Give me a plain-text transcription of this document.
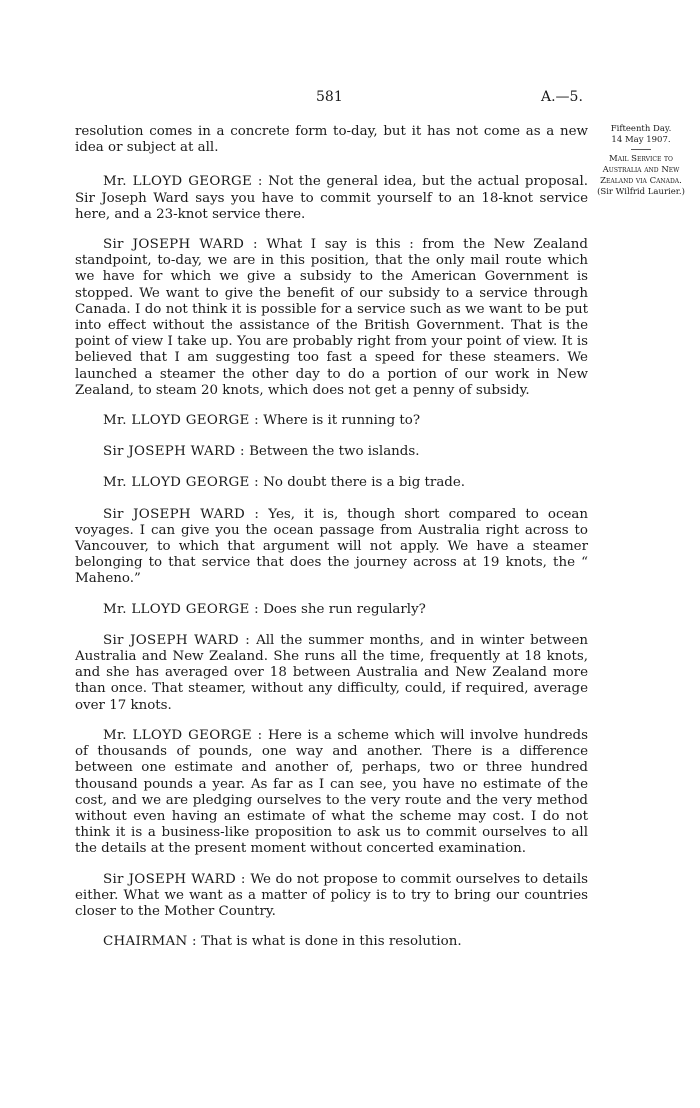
581	A.—5.
Fifteenth Day.
14 May 1907.
Mail Service to Australia and New Zealand via Canada.
(Sir Wilfrid Laurier.)

resolution comes in a concrete form to-day, but it has not come as a new idea or subject at all.

Mr. LLOYD GEORGE : Not the general idea, but the actual proposal. Sir Joseph Ward says you have to commit yourself to an 18-knot service here, and a 23-knot service there.

Sir JOSEPH WARD : What I say is this : from the New Zealand standpoint, to-day, we are in this position, that the only mail route which we have for which we give a subsidy to the American Government is stopped. We want to give the benefit of our subsidy to a service through Canada. I do not think it is possible for a service such as we want to be put into effect without the assistance of the British Government. That is the point of view I take up. You are probably right from your point of view. It is believed that I am suggesting too fast a speed for these steamers. We launched a steamer the other day to do a portion of our work in New Zealand, to steam 20 knots, which does not get a penny of subsidy.

Mr. LLOYD GEORGE : Where is it running to?

Sir JOSEPH WARD : Between the two islands.

Mr. LLOYD GEORGE : No doubt there is a big trade.

Sir JOSEPH WARD : Yes, it is, though short compared to ocean voyages. I can give you the ocean passage from Australia right across to Vancouver, to which that argument will not apply. We have a steamer belonging to that service that does the journey across at 19 knots, the “ Maheno.”

Mr. LLOYD GEORGE : Does she run regularly?

Sir JOSEPH WARD : All the summer months, and in winter between Australia and New Zealand. She runs all the time, frequently at 18 knots, and she has averaged over 18 between Australia and New Zealand more than once. That steamer, without any difficulty, could, if required, average over 17 knots.

Mr. LLOYD GEORGE : Here is a scheme which will involve hundreds of thousands of pounds, one way and another. There is a difference between one estimate and another of, perhaps, two or three hundred thousand pounds a year. As far as I can see, you have no estimate of the cost, and we are pledging ourselves to the very route and the very method without even having an estimate of what the scheme may cost. I do not think it is a business-like proposition to ask us to commit ourselves to all the details at the present moment without concerted examination.

Sir JOSEPH WARD : We do not propose to commit ourselves to details either. What we want as a matter of policy is to try to bring our countries closer to the Mother Country.

CHAIRMAN : That is what is done in this resolution.
